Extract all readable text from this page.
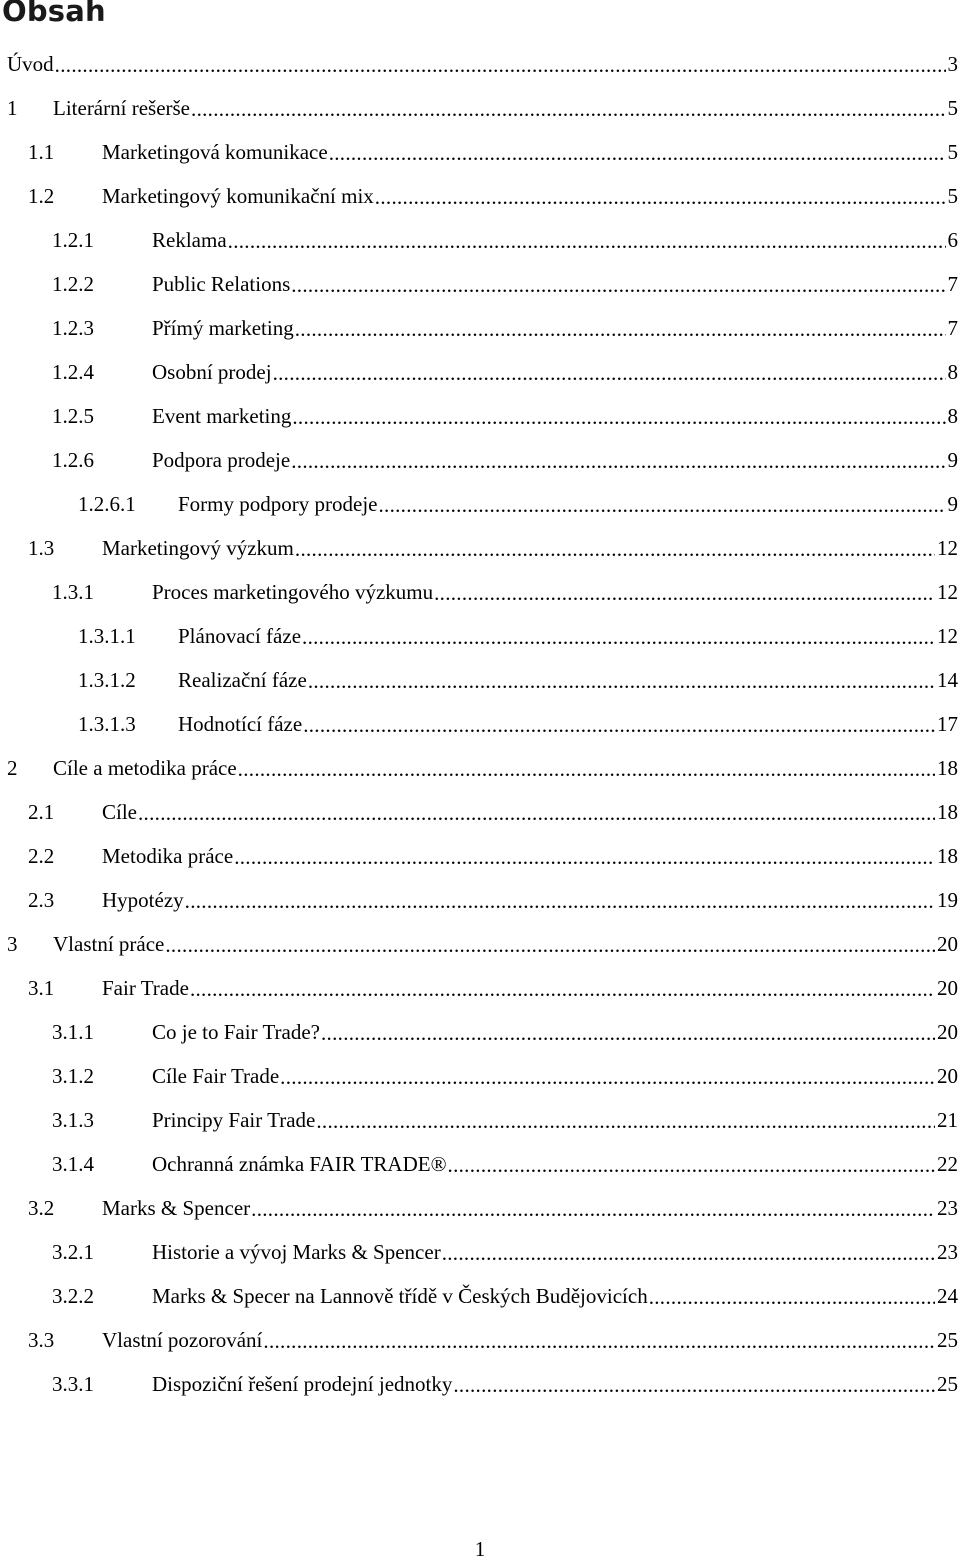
Obsah
Úvod .....	3
1	Literární rešerše .....	5
1.1	Marketingová komunikace .....	5
1.2	Marketingový komunikační mix .....	5
1.2.1	Reklama .....	6
1.2.2	Public Relations .....	7
1.2.3	Přímý marketing .....	7
1.2.4	Osobní prodej .....	8
1.2.5	Event marketing .....	8
1.2.6	Podpora prodeje .....	9
1.2.6.1	Formy podpory prodeje .....	9
1.3	Marketingový výzkum .....	12
1.3.1	Proces marketingového výzkumu .....	12
1.3.1.1	Plánovací fáze .....	12
1.3.1.2	Realizační fáze .....	14
1.3.1.3	Hodnotící fáze .....	17
2	Cíle a metodika práce .....	18
2.1	Cíle .....	18
2.2	Metodika práce .....	18
2.3	Hypotézy .....	19
3	Vlastní práce .....	20
3.1	Fair Trade .....	20
3.1.1	Co je to Fair Trade? .....	20
3.1.2	Cíle Fair Trade .....	20
3.1.3	Principy Fair Trade .....	21
3.1.4	Ochranná známka FAIR TRADE® .....	22
3.2	Marks & Spencer .....	23
3.2.1	Historie a vývoj Marks & Spencer .....	23
3.2.2	Marks & Specer na Lannově třídě v Českých Budějovicích .....	24
3.3	Vlastní pozorování .....	25
3.3.1	Dispoziční řešení prodejní jednotky .....	25
1
